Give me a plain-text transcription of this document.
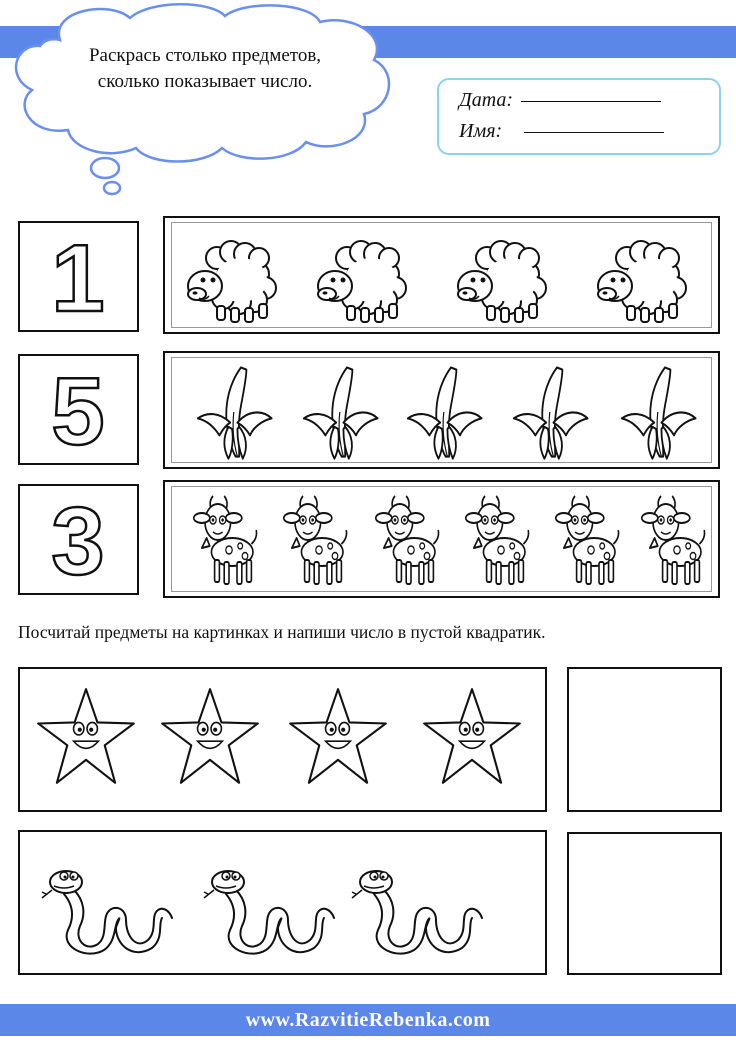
Раскрась столько предметов,
сколько показывает число.
Дата:
Имя:
1
5
3
Посчитай предметы на картинках и напиши число в пустой квадратик.
www.RazvitieRebenka.com
